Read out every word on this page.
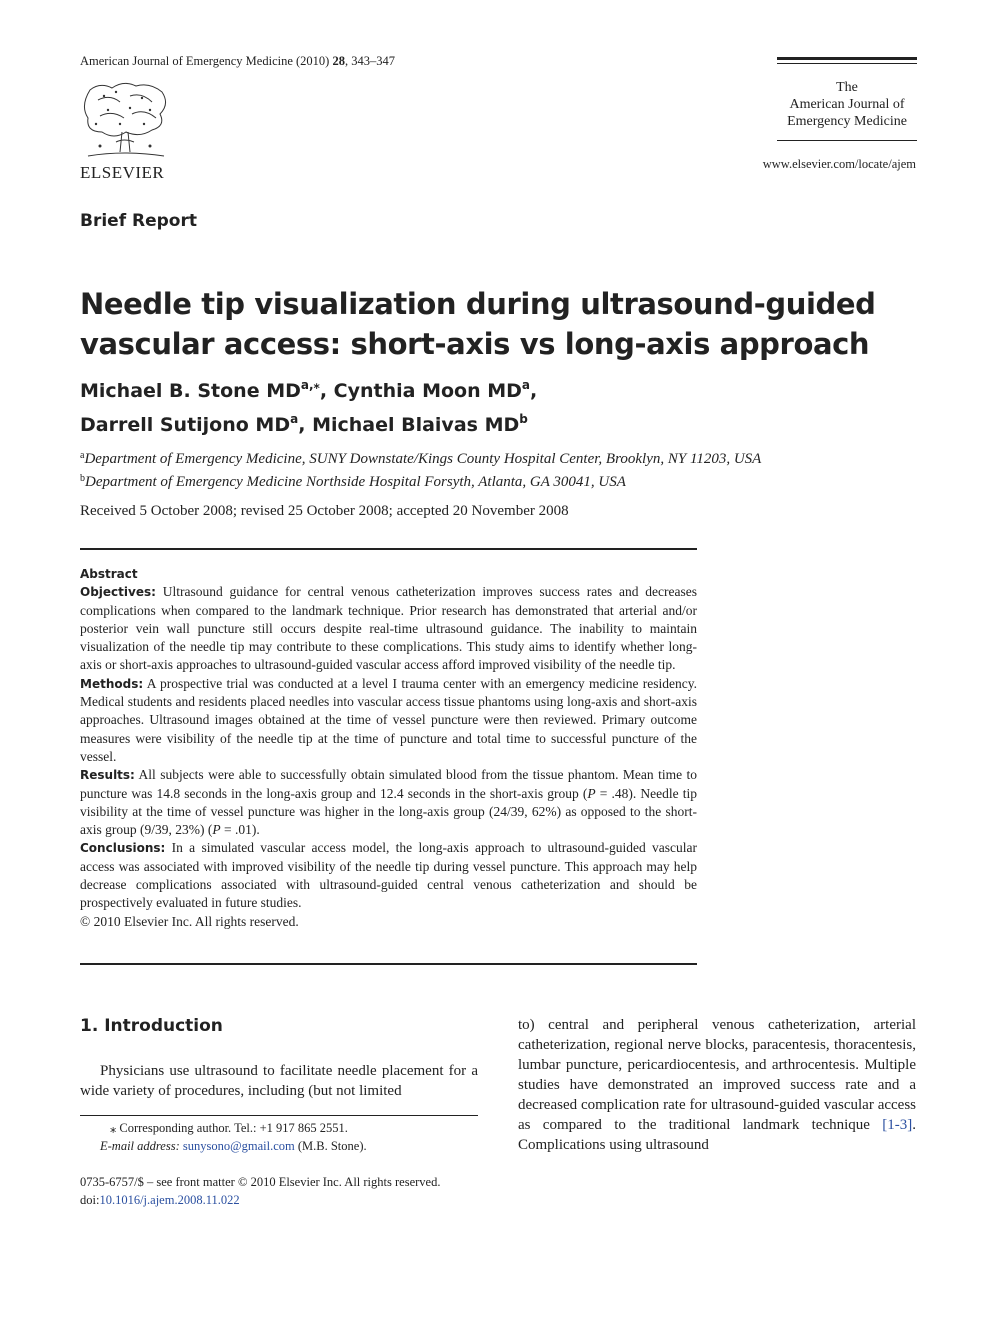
American Journal of Emergency Medicine (2010) 28, 343–347
ELSEVIER
The
American Journal of
Emergency Medicine
www.elsevier.com/locate/ajem
Brief Report
Needle tip visualization during ultrasound-guided vascular access: short-axis vs long-axis approach
Michael B. Stone $MD^{a,⁎}$, Cynthia Moon $MD^a$,
Darrell Sutijono $MD^a$, Michael Blaivas $MD^b$
$^a$Department of Emergency Medicine, SUNY Downstate/Kings County Hospital Center, Brooklyn, NY 11203, USA
$^b$Department of Emergency Medicine Northside Hospital Forsyth, Atlanta, GA 30041, USA
Received 5 October 2008; revised 25 October 2008; accepted 20 November 2008

Abstract

Objectives: Ultrasound guidance for central venous catheterization improves success rates and decreases complications when compared to the landmark technique. Prior research has demonstrated that arterial and/or posterior vein wall puncture still occurs despite real-time ultrasound guidance. The inability to maintain visualization of the needle tip may contribute to these complications. This study aims to identify whether long-axis or short-axis approaches to ultrasound-guided vascular access afford improved visibility of the needle tip.

Methods: A prospective trial was conducted at a level I trauma center with an emergency medicine residency. Medical students and residents placed needles into vascular access tissue phantoms using long-axis and short-axis approaches. Ultrasound images obtained at the time of vessel puncture were then reviewed. Primary outcome measures were visibility of the needle tip at the time of puncture and total time to successful puncture of the vessel.

Results: All subjects were able to successfully obtain simulated blood from the tissue phantom. Mean time to puncture was 14.8 seconds in the long-axis group and 12.4 seconds in the short-axis group (P = .48). Needle tip visibility at the time of vessel puncture was higher in the long-axis group (24/39, 62%) as opposed to the short-axis group (9/39, 23%) (P = .01).

Conclusions: In a simulated vascular access model, the long-axis approach to ultrasound-guided vascular access was associated with improved visibility of the needle tip during vessel puncture. This approach may help decrease complications associated with ultrasound-guided central venous catheterization and should be prospectively evaluated in future studies.

© 2010 Elsevier Inc. All rights reserved.

1. Introduction
Physicians use ultrasound to facilitate needle placement for a wide variety of procedures, including (but not limited
to) central and peripheral venous catheterization, arterial catheterization, regional nerve blocks, paracentesis, thoracentesis, lumbar puncture, pericardiocentesis, and arthrocentesis. Multiple studies have demonstrated an improved success rate and a decreased complication rate for ultrasound-guided vascular access as compared to the traditional landmark technique [1-3]. Complications using ultrasound
⁎ Corresponding author. Tel.: +1 917 865 2551.
E-mail address: sunysono@gmail.com (M.B. Stone).
0735-6757/$ – see front matter © 2010 Elsevier Inc. All rights reserved.
doi:10.1016/j.ajem.2008.11.022
